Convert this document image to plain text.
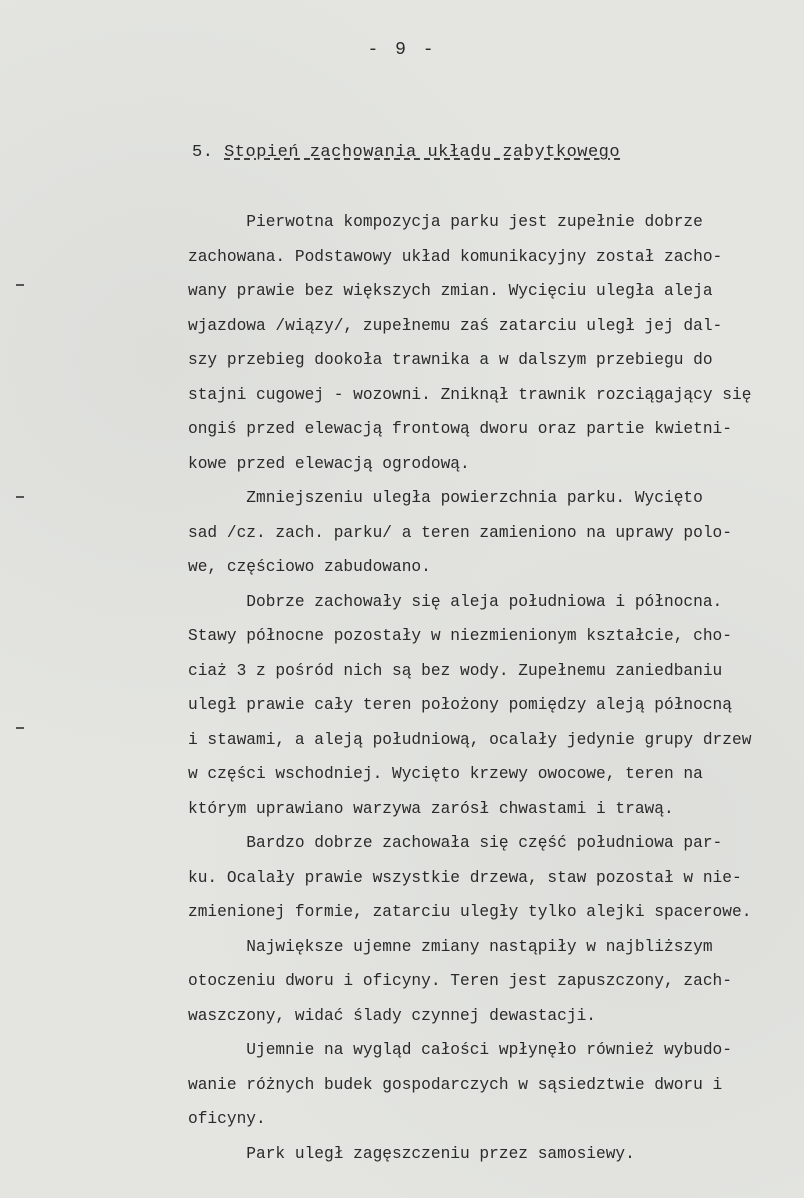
- 9 -
5. Stopień zachowania układu zabytkowego
Pierwotna kompozycja parku jest zupełnie dobrze
zachowana. Podstawowy układ komunikacyjny został zacho-
wany prawie bez większych zmian. Wycięciu uległa aleja
wjazdowa /wiązy/, zupełnemu zaś zatarciu uległ jej dal-
szy przebieg dookoła trawnika a w dalszym przebiegu do
stajni cugowej - wozowni. Zniknął trawnik rozciągający się
ongiś przed elewacją frontową dworu oraz partie kwietni-
kowe przed elewacją ogrodową.
Zmniejszeniu uległa powierzchnia parku. Wycięto
sad /cz. zach. parku/ a teren zamieniono na uprawy polo-
we, częściowo zabudowano.
Dobrze zachowały się aleja południowa i północna.
Stawy północne pozostały w niezmienionym kształcie, cho-
ciaż 3 z pośród nich są bez wody. Zupełnemu zaniedbaniu
uległ prawie cały teren położony pomiędzy aleją północną
i stawami, a aleją południową, ocalały jedynie grupy drzew
w części wschodniej. Wycięto krzewy owocowe, teren na
którym uprawiano warzywa zarósł chwastami i trawą.
Bardzo dobrze zachowała się część południowa par-
ku. Ocalały prawie wszystkie drzewa, staw pozostał w nie-
zmienionej formie, zatarciu uległy tylko alejki spacerowe.
Największe ujemne zmiany nastąpiły w najbliższym
otoczeniu dworu i oficyny. Teren jest zapuszczony, zach-
waszczony, widać ślady czynnej dewastacji.
Ujemnie na wygląd całości wpłynęło również wybudo-
wanie różnych budek gospodarczych w sąsiedztwie dworu i
oficyny.
Park uległ zagęszczeniu przez samosiewy.
